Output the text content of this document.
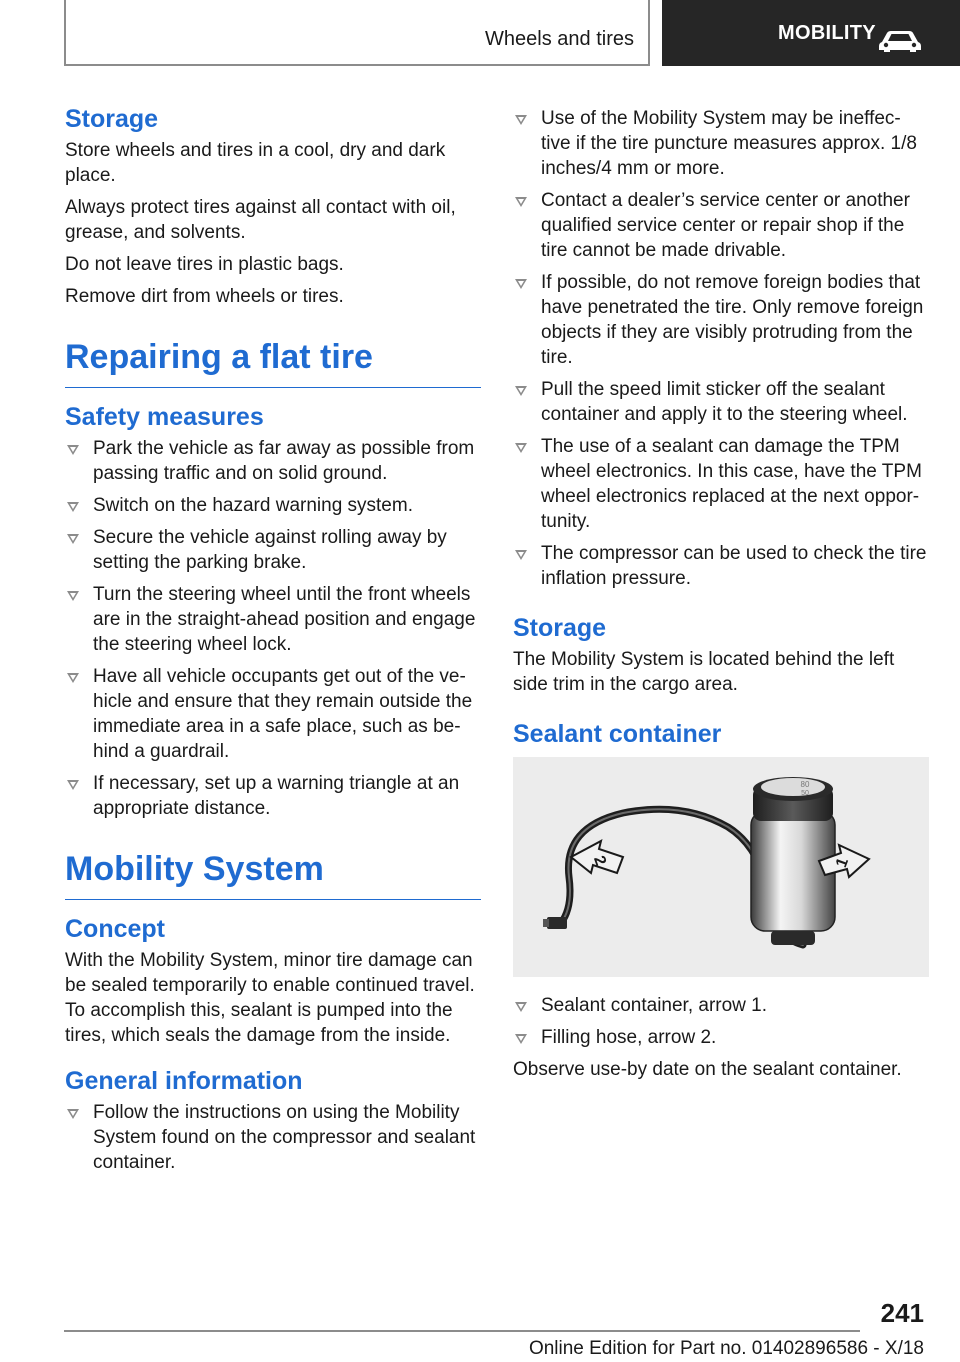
Wheels and tires	MOBILITY
Storage
Store wheels and tires in a cool, dry and dark place.
Always protect tires against all contact with oil, grease, and solvents.
Do not leave tires in plastic bags.
Remove dirt from wheels or tires.
Repairing a flat tire
Safety measures
Park the vehicle as far away as possible from passing traffic and on solid ground.
Switch on the hazard warning system.
Secure the vehicle against rolling away by setting the parking brake.
Turn the steering wheel until the front wheels are in the straight-ahead position and engage the steering wheel lock.
Have all vehicle occupants get out of the ve‐hicle and ensure that they remain outside the immediate area in a safe place, such as be‐hind a guardrail.
If necessary, set up a warning triangle at an appropriate distance.
Mobility System
Concept
With the Mobility System, minor tire damage can be sealed temporarily to enable continued travel. To accomplish this, sealant is pumped into the tires, which seals the damage from the inside.
General information
Follow the instructions on using the Mobility System found on the compressor and sealant container.
Use of the Mobility System may be ineffec‐tive if the tire puncture measures approx. 1/8 inches/4 mm or more.
Contact a dealer’s service center or another qualified service center or repair shop if the tire cannot be made drivable.
If possible, do not remove foreign bodies that have penetrated the tire. Only remove foreign objects if they are visibly protruding from the tire.
Pull the speed limit sticker off the sealant container and apply it to the steering wheel.
The use of a sealant can damage the TPM wheel electronics. In this case, have the TPM wheel electronics replaced at the next oppor‐tunity.
The compressor can be used to check the tire inflation pressure.
Storage
The Mobility System is located behind the left side trim in the cargo area.
Sealant container
80
50
2	1
Sealant container, arrow 1.
Filling hose, arrow 2.
Observe use-by date on the sealant container.
241
Online Edition for Part no. 01402896586 - X/18
